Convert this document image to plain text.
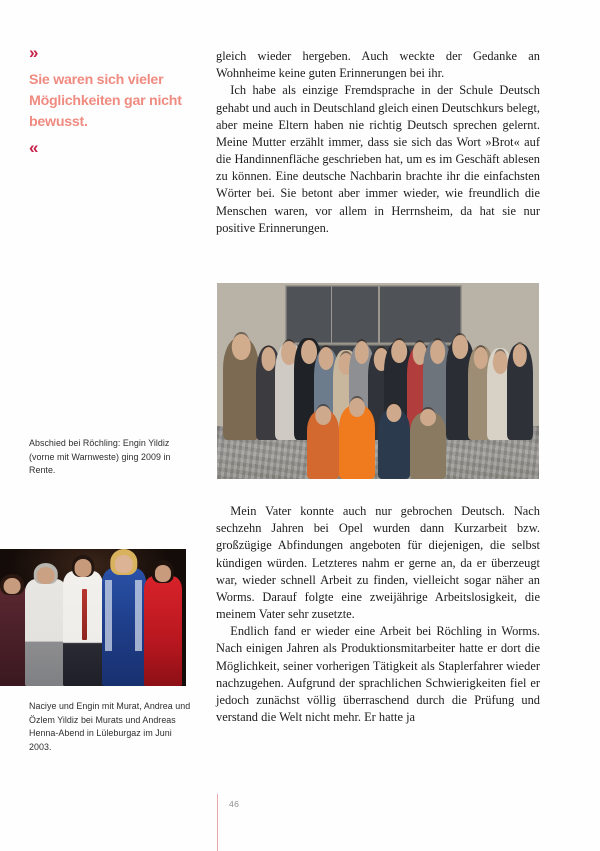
»
Sie waren sich vieler Möglichkeiten gar nicht bewusst.
«

gleich wieder hergeben. Auch weckte der Gedanke an Wohnheime keine guten Erinnerungen bei ihr.

Ich habe als einzige Fremdsprache in der Schule Deutsch gehabt und auch in Deutschland gleich einen Deutschkurs belegt, aber meine Eltern haben nie richtig Deutsch sprechen gelernt. Meine Mutter erzählt immer, dass sie sich das Wort »Brot« auf die Handinnenfläche geschrieben hat, um es im Geschäft ablesen zu können. Eine deutsche Nachbarin brachte ihr die einfachsten Wörter bei. Sie betont aber immer wieder, wie freundlich die Menschen waren, vor allem in Herrnsheim, da hat sie nur positive Erinnerungen.

Abschied bei Röchling: Engin Yildiz (vorne mit Warnweste) ging 2009 in Rente.
Naciye und Engin mit Murat, Andrea und Özlem Yildiz bei Murats und Andreas Henna-Abend in Lüleburgaz im Juni 2003.

Mein Vater konnte auch nur gebrochen Deutsch. Nach sechzehn Jahren bei Opel wurden dann Kurzarbeit bzw. großzügige Abfindungen angeboten für diejenigen, die selbst kündigen würden. Letzteres nahm er gerne an, da er überzeugt war, wieder schnell Arbeit zu finden, vielleicht sogar näher an Worms. Darauf folgte eine zweijährige Arbeitslosigkeit, die meinem Vater sehr zusetzte.

Endlich fand er wieder eine Arbeit bei Röchling in Worms. Nach einigen Jahren als Produktionsmitarbeiter hatte er dort die Möglichkeit, seiner vorherigen Tätigkeit als Staplerfahrer wieder nachzugehen. Aufgrund der sprachlichen Schwierigkeiten fiel er jedoch zunächst völlig überraschend durch die Prüfung und verstand die Welt nicht mehr. Er hatte ja

46
